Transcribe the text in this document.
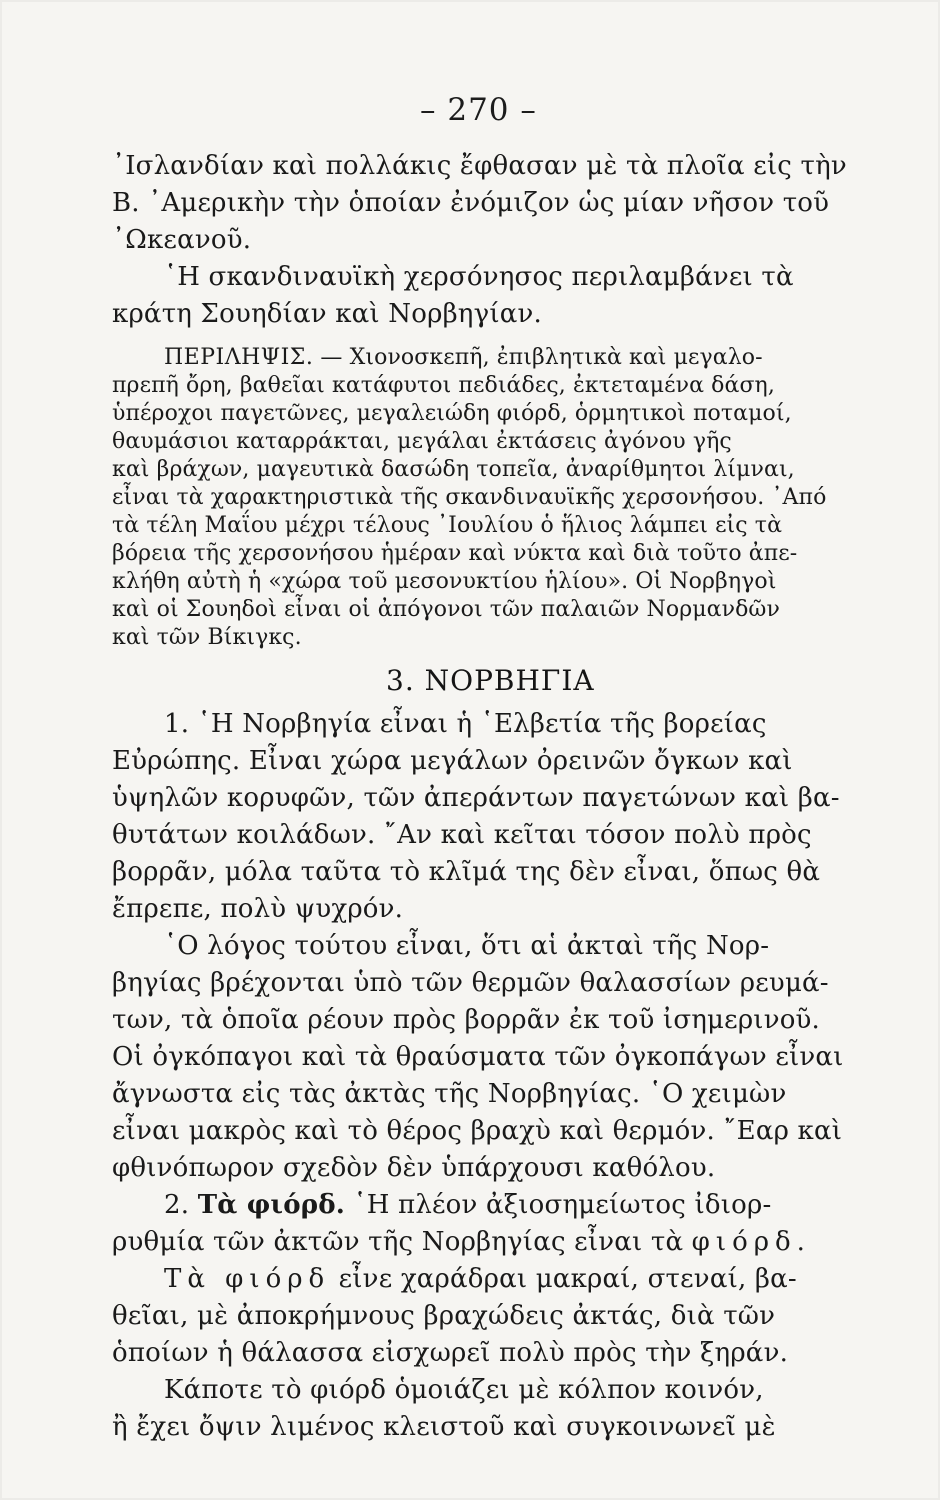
– 270 –

᾿Ισλανδίαν καὶ πολλάκις ἔφθασαν μὲ τὰ πλοῖα εἰς τὴν
Β. ᾿Αμερικὴν τὴν ὁποίαν ἐνόμιζον ὡς μίαν νῆσον τοῦ
᾿Ωκεανοῦ.

῾Η σκανδιναυϊκὴ χερσόνησος περιλαμβάνει τὰ
κράτη Σουηδίαν καὶ Νορβηγίαν.

ΠΕΡΙΛΗΨΙΣ. — Χιονοσκεπῆ, ἐπιβλητικὰ καὶ μεγαλο-
πρεπῆ ὄρη, βαθεῖαι κατάφυτοι πεδιάδες, ἐκτεταμένα δάση,
ὑπέροχοι παγετῶνες, μεγαλειώδη φιόρδ, ὁρμητικοὶ ποταμοί,
θαυμάσιοι καταρράκται, μεγάλαι ἐκτάσεις ἀγόνου γῆς
καὶ βράχων, μαγευτικὰ δασώδη τοπεῖα, ἀναρίθμητοι λίμναι,
εἶναι τὰ χαρακτηριστικὰ τῆς σκανδιναυϊκῆς χερσονήσου. ᾿Από
τὰ τέλη Μαΐου μέχρι τέλους ᾿Ιουλίου ὁ ἥλιος λάμπει εἰς τὰ
βόρεια τῆς χερσονήσου ἡμέραν καὶ νύκτα καὶ διὰ τοῦτο ἀπε-
κλήθη αὐτὴ ἡ «χώρα τοῦ μεσονυκτίου ἡλίου». Οἱ Νορβηγοὶ
καὶ οἱ Σουηδοὶ εἶναι οἱ ἀπόγονοι τῶν παλαιῶν Νορμανδῶν
καὶ τῶν Βίκιγκς.
3. ΝΟΡΒΗΓΙΑ

1. ῾Η Νορβηγία εἶναι ἡ ῾Ελβετία τῆς βορείας
Εὐρώπης. Εἶναι χώρα μεγάλων ὀρεινῶν ὄγκων καὶ
ὑψηλῶν κορυφῶν, τῶν ἀπεράντων παγετώνων καὶ βα-
θυτάτων κοιλάδων. ῎Αν καὶ κεῖται τόσον πολὺ πρὸς
βορρᾶν, μόλα ταῦτα τὸ κλῖμά της δὲν εἶναι, ὅπως θὰ
ἔπρεπε, πολὺ ψυχρόν.

῾Ο λόγος τούτου εἶναι, ὅτι αἱ ἀκταὶ τῆς Νορ-
βηγίας βρέχονται ὑπὸ τῶν θερμῶν θαλασσίων ρευμά-
των, τὰ ὁποῖα ρέουν πρὸς βορρᾶν ἐκ τοῦ ἰσημερινοῦ.
Οἱ ὀγκόπαγοι καὶ τὰ θραύσματα τῶν ὀγκοπάγων εἶναι
ἄγνωστα εἰς τὰς ἀκτὰς τῆς Νορβηγίας. ῾Ο χειμὼν
εἶναι μακρὸς καὶ τὸ θέρος βραχὺ καὶ θερμόν. ῎Εαρ καὶ
φθινόπωρον σχεδὸν δὲν ὑπάρχουσι καθόλου.

2. Τὰ φιόρδ. ῾Η πλέον ἀξιοσημείωτος ἰδιορ-
ρυθμία τῶν ἀκτῶν τῆς Νορβηγίας εἶναι τὰ φιόρδ.

Τὰ φιόρδ εἶνε χαράδραι μακραί, στεναί, βα-
θεῖαι, μὲ ἀποκρήμνους βραχώδεις ἀκτάς, διὰ τῶν
ὁποίων ἡ θάλασσα εἰσχωρεῖ πολὺ πρὸς τὴν ξηράν.

Κάποτε τὸ φιόρδ ὁμοιάζει μὲ κόλπον κοινόν,
ἢ ἔχει ὄψιν λιμένος κλειστοῦ καὶ συγκοινωνεῖ μὲ
